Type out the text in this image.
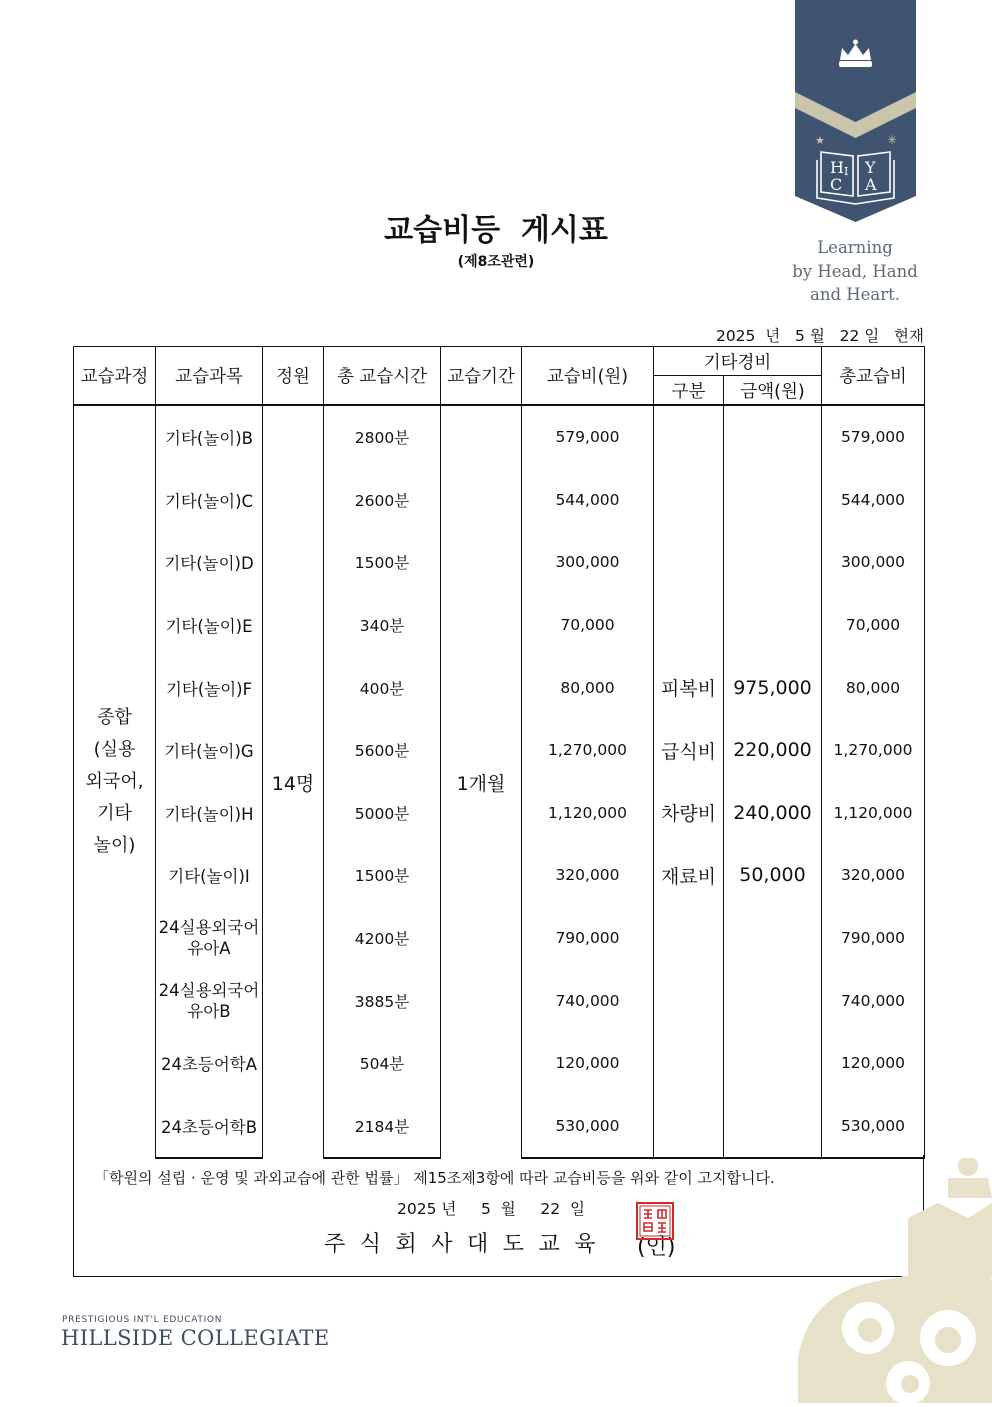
★	✳
H I Y
C A
Learning
by Head, Hand
and Heart.
교습비등  게시표
(제8조관련)
2025 년 5 월 22 일 현재
교습과정	교습과목	정원	총 교습시간	교습기간	교습비(원)	기타경비		총교습비
						구분	금액(원)	

종합
(실용
외국어,
기타
놀이)	기타(놀이)B	14명	2800분	1개월	579,000			579,000
	기타(놀이)C		2600분		544,000			544,000
	기타(놀이)D		1500분		300,000			300,000
	기타(놀이)E		340분		70,000			70,000
	기타(놀이)F		400분		80,000	피복비	975,000	80,000
	기타(놀이)G		5600분		1,270,000	급식비	220,000	1,270,000
	기타(놀이)H		5000분		1,120,000	차량비	240,000	1,120,000
	기타(놀이)I		1500분		320,000	재료비	50,000	320,000
	24실용외국어
유아A		4200분		790,000			790,000
	24실용외국어
유아B		3885분		740,000			740,000
	24초등어학A		504분		120,000			120,000
	24초등어학B		2184분		530,000			530,000
「학원의 설립 · 운영 및 과외교습에 관한 법률」 제15조제3항에 따라 교습비등을 위와 같이 고지합니다.
2025 년 5 월 22 일
주식회사대도교육 (인)
PRESTIGIOUS INT'L EDUCATION
HILLSIDE COLLEGIATE
